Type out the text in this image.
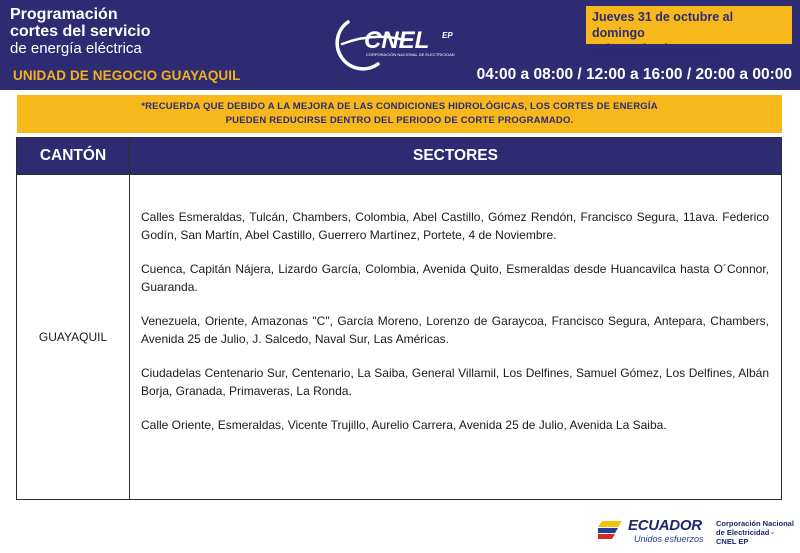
Programación
cortes del servicio
de energía eléctrica
UNIDAD DE NEGOCIO GUAYAQUIL
CNEL EP
CORPORACIÓN NACIONAL DE ELECTRICIDAD
Jueves 31 de octubre al domingo
3 de noviembre 2024
04:00 a 08:00 / 12:00 a 16:00 / 20:00 a 00:00
*RECUERDA QUE DEBIDO A LA MEJORA DE LAS CONDICIONES HIDROLÓGICAS, LOS CORTES DE ENERGÍA
PUEDEN REDUCIRSE DENTRO DEL PERIODO DE CORTE PROGRAMADO.
CANTÓN	SECTORES
GUAYAQUIL

Calles Esmeraldas, Tulcán, Chambers, Colombia, Abel Castillo, Gómez Rendón, Francisco Segura, 11ava. Federico Godín, San Martín, Abel Castillo, Guerrero Martínez, Portete, 4 de Noviembre.

Cuenca, Capitán Nájera, Lizardo García, Colombia, Avenida Quito, Esmeraldas desde Huancavilca hasta O´Connor, Guaranda.

Venezuela, Oriente, Amazonas "C", García Moreno, Lorenzo de Garaycoa, Francisco Segura, Antepara, Chambers, Avenida 25 de Julio, J. Salcedo, Naval Sur, Las Américas.

Ciudadelas Centenario Sur, Centenario, La Saiba, General Villamil, Los Delfines, Samuel Gómez, Los Delfines, Albán Borja, Granada, Primaveras, La Ronda.

Calle Oriente, Esmeraldas, Vicente Trujillo, Aurelio Carrera, Avenida 25 de Julio, Avenida La Saiba.

ECUADOR
Unidos esfuerzos
Corporación Nacional
de Electricidad - CNEL EP
